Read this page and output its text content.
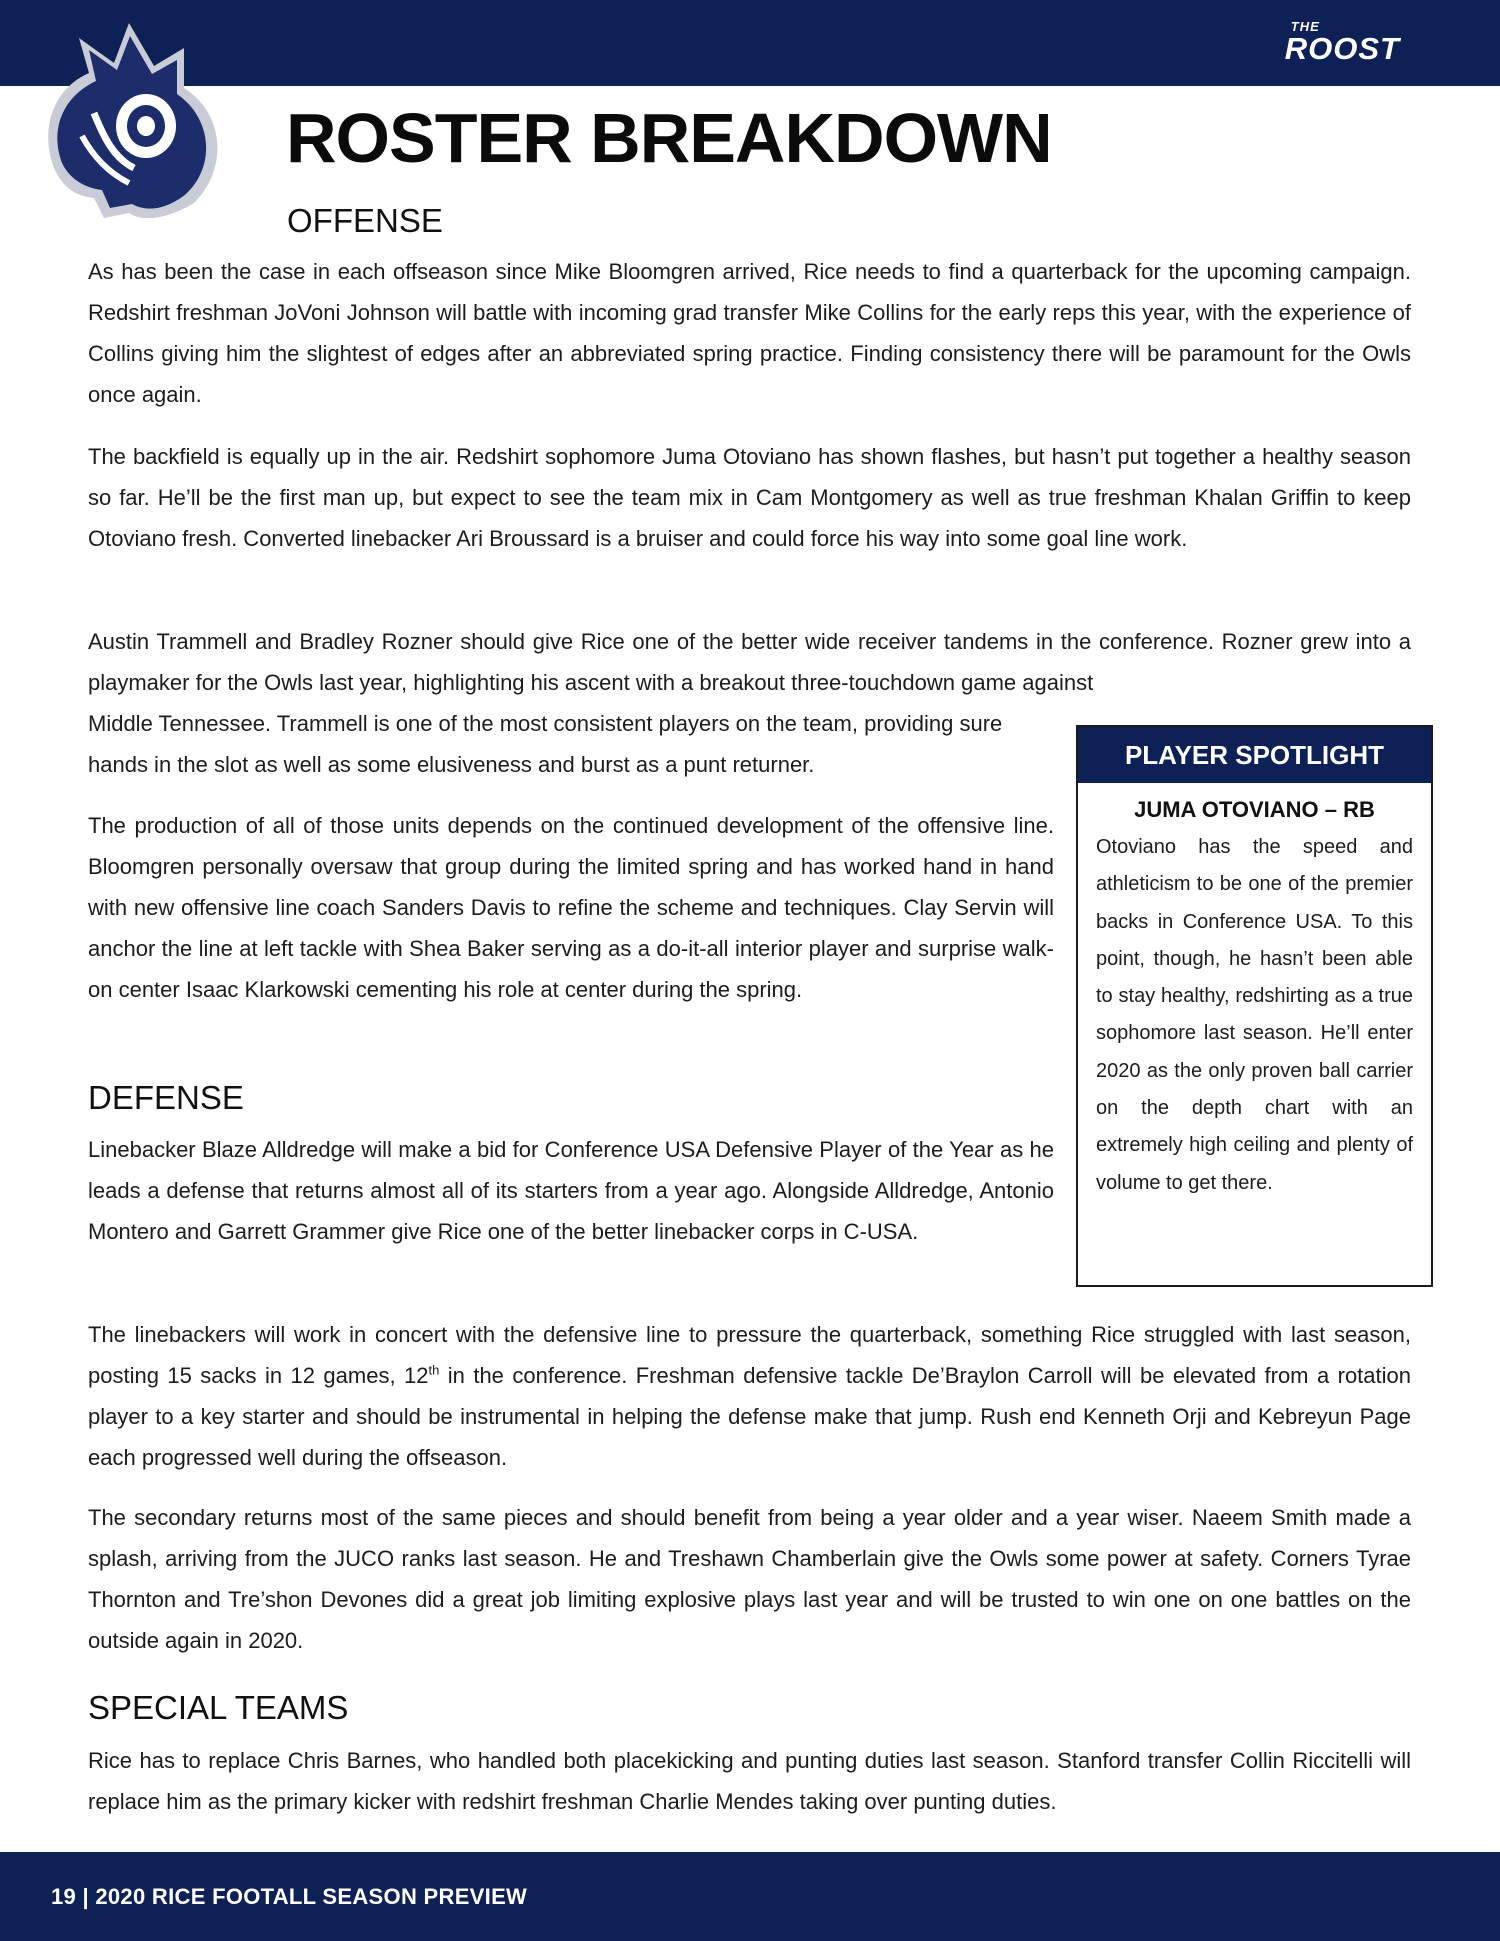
THE
ROOST
ROSTER BREAKDOWN
OFFENSE

As has been the case in each offseason since Mike Bloomgren arrived, Rice needs to find a quarterback for the upcoming campaign. Redshirt freshman JoVoni Johnson will battle with incoming grad transfer Mike Collins for the early reps this year, with the experience of Collins giving him the slightest of edges after an abbreviated spring practice. Finding consistency there will be paramount for the Owls once again.

The backfield is equally up in the air. Redshirt sophomore Juma Otoviano has shown flashes, but hasn’t put together a healthy season so far. He’ll be the first man up, but expect to see the team mix in Cam Montgomery as well as true freshman Khalan Griffin to keep Otoviano fresh. Converted linebacker Ari Broussard is a bruiser and could force his way into some goal line work.

Austin Trammell and Bradley Rozner should give Rice one of the better wide receiver tandems in the conference. Rozner grew into a playmaker for the Owls last year, highlighting his ascent with a breakout three-touchdown game against

Middle Tennessee. Trammell is one of the most consistent players on the team, providing sure hands in the slot as well as some elusiveness and burst as a punt returner.

The production of all of those units depends on the continued development of the offensive line. Bloomgren personally oversaw that group during the limited spring and has worked hand in hand with new offensive line coach Sanders Davis to refine the scheme and techniques. Clay Servin will anchor the line at left tackle with Shea Baker serving as a do-it-all interior player and surprise walk-on center Isaac Klarkowski cementing his role at center during the spring.

DEFENSE

Linebacker Blaze Alldredge will make a bid for Conference USA Defensive Player of the Year as he leads a defense that returns almost all of its starters from a year ago. Alongside Alldredge, Antonio Montero and Garrett Grammer give Rice one of the better linebacker corps in C-USA.

The linebackers will work in concert with the defensive line to pressure the quarterback, something Rice struggled with last season, posting 15 sacks in 12 games, 12th in the conference. Freshman defensive tackle De’Braylon Carroll will be elevated from a rotation player to a key starter and should be instrumental in helping the defense make that jump. Rush end Kenneth Orji and Kebreyun Page each progressed well during the offseason.

The secondary returns most of the same pieces and should benefit from being a year older and a year wiser. Naeem Smith made a splash, arriving from the JUCO ranks last season. He and Treshawn Chamberlain give the Owls some power at safety. Corners Tyrae Thornton and Tre’shon Devones did a great job limiting explosive plays last year and will be trusted to win one on one battles on the outside again in 2020.

SPECIAL TEAMS

Rice has to replace Chris Barnes, who handled both placekicking and punting duties last season. Stanford transfer Collin Riccitelli will replace him as the primary kicker with redshirt freshman Charlie Mendes taking over punting duties.

PLAYER SPOTLIGHT

JUMA OTOVIANO – RB

Otoviano has the speed and athleticism to be one of the premier backs in Conference USA. To this point, though, he hasn’t been able to stay healthy, redshirting as a true sophomore last season. He’ll enter 2020 as the only proven ball carrier on the depth chart with an extremely high ceiling and plenty of volume to get there.

19 | 2020 RICE FOOTALL SEASON PREVIEW
